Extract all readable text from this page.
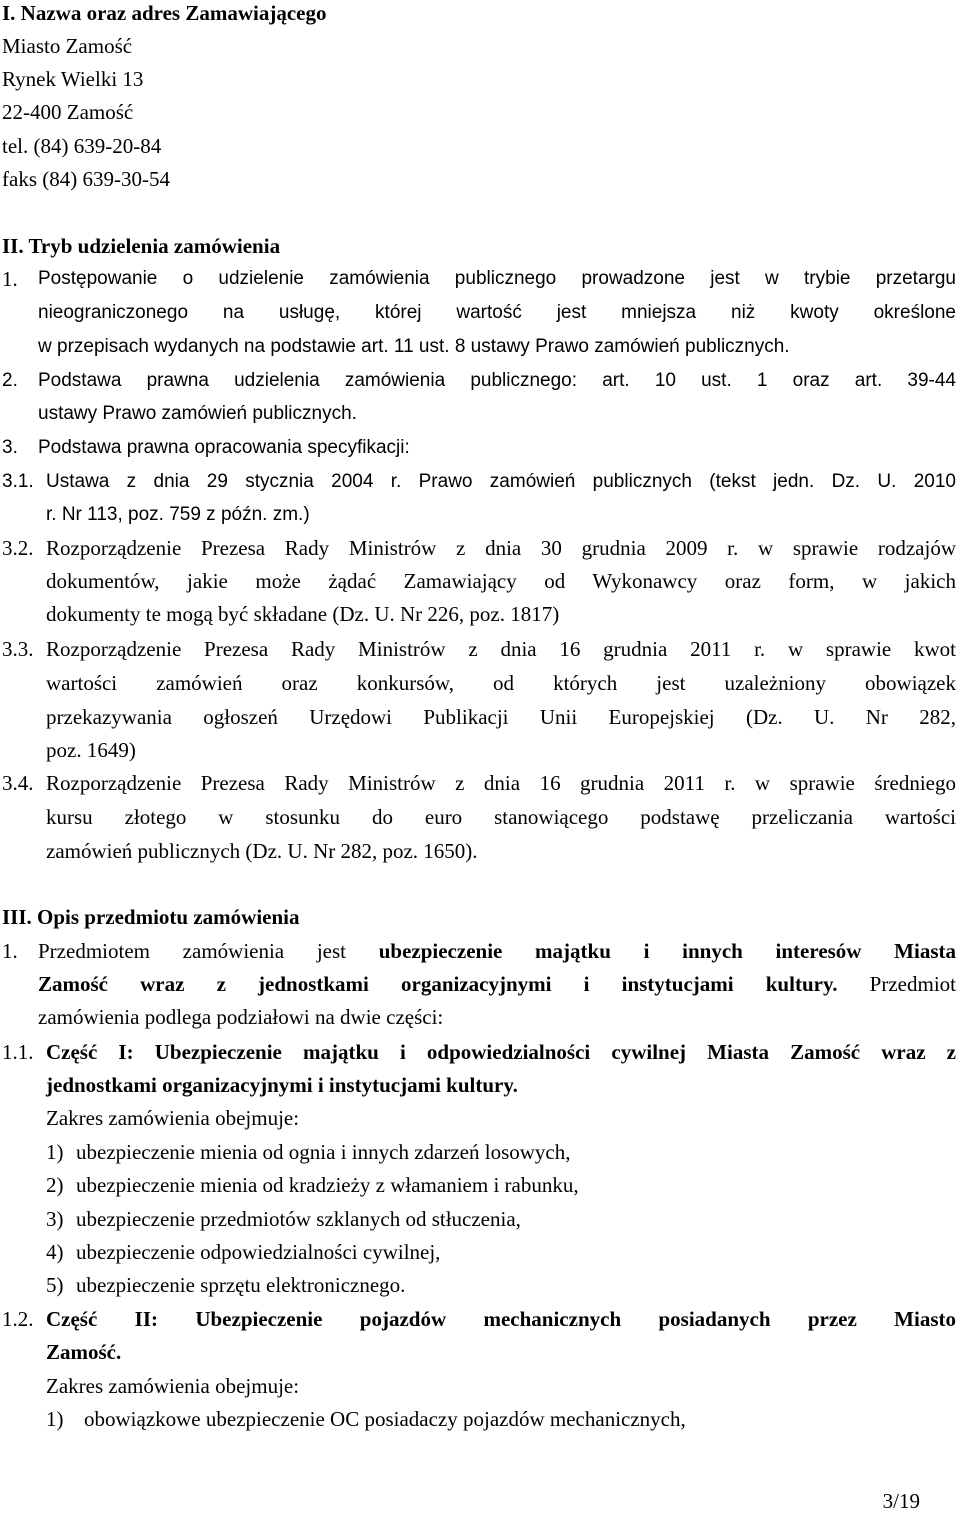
I. Nazwa oraz adres Zamawiającego
Miasto Zamość
Rynek Wielki 13
22-400 Zamość
tel. (84) 639-20-84
faks (84) 639-30-54
II. Tryb udzielenia zamówienia
1. Postępowanie o udzielenie zamówienia publicznego prowadzone jest w trybie przetargu
nieograniczonego na usługę, której wartość jest mniejsza niż kwoty określone
w przepisach wydanych na podstawie art. 11 ust. 8 ustawy Prawo zamówień publicznych.
2. Podstawa prawna udzielenia zamówienia publicznego: art. 10 ust. 1 oraz art. 39-44
ustawy Prawo zamówień publicznych.
3. Podstawa prawna opracowania specyfikacji:
3.1. Ustawa z dnia 29 stycznia 2004 r. Prawo zamówień publicznych (tekst jedn. Dz. U. 2010
r. Nr 113, poz. 759 z późn. zm.)
3.2. Rozporządzenie Prezesa Rady Ministrów z dnia 30 grudnia 2009 r. w sprawie rodzajów
dokumentów, jakie może żądać Zamawiający od Wykonawcy oraz form, w jakich
dokumenty te mogą być składane (Dz. U. Nr 226, poz. 1817)
3.3. Rozporządzenie Prezesa Rady Ministrów z dnia 16 grudnia 2011 r. w sprawie kwot
wartości zamówień oraz konkursów, od których jest uzależniony obowiązek
przekazywania ogłoszeń Urzędowi Publikacji Unii Europejskiej (Dz. U. Nr 282,
poz. 1649)
3.4. Rozporządzenie Prezesa Rady Ministrów z dnia 16 grudnia 2011 r. w sprawie średniego
kursu złotego w stosunku do euro stanowiącego podstawę przeliczania wartości
zamówień publicznych (Dz. U. Nr 282, poz. 1650).
III. Opis przedmiotu zamówienia
1. Przedmiotem zamówienia jest ubezpieczenie majątku i innych interesów Miasta
Zamość wraz z jednostkami organizacyjnymi i instytucjami kultury. Przedmiot
zamówienia podlega podziałowi na dwie części:
1.1. Część I: Ubezpieczenie majątku i odpowiedzialności cywilnej Miasta Zamość wraz z
jednostkami organizacyjnymi i instytucjami kultury.
Zakres zamówienia obejmuje:
1) ubezpieczenie mienia od ognia i innych zdarzeń losowych,
2) ubezpieczenie mienia od kradzieży z włamaniem i rabunku,
3) ubezpieczenie przedmiotów szklanych od stłuczenia,
4) ubezpieczenie odpowiedzialności cywilnej,
5) ubezpieczenie sprzętu elektronicznego.
1.2. Część II: Ubezpieczenie pojazdów mechanicznych posiadanych przez Miasto
Zamość.
Zakres zamówienia obejmuje:
1) obowiązkowe ubezpieczenie OC posiadaczy pojazdów mechanicznych,
3/19
